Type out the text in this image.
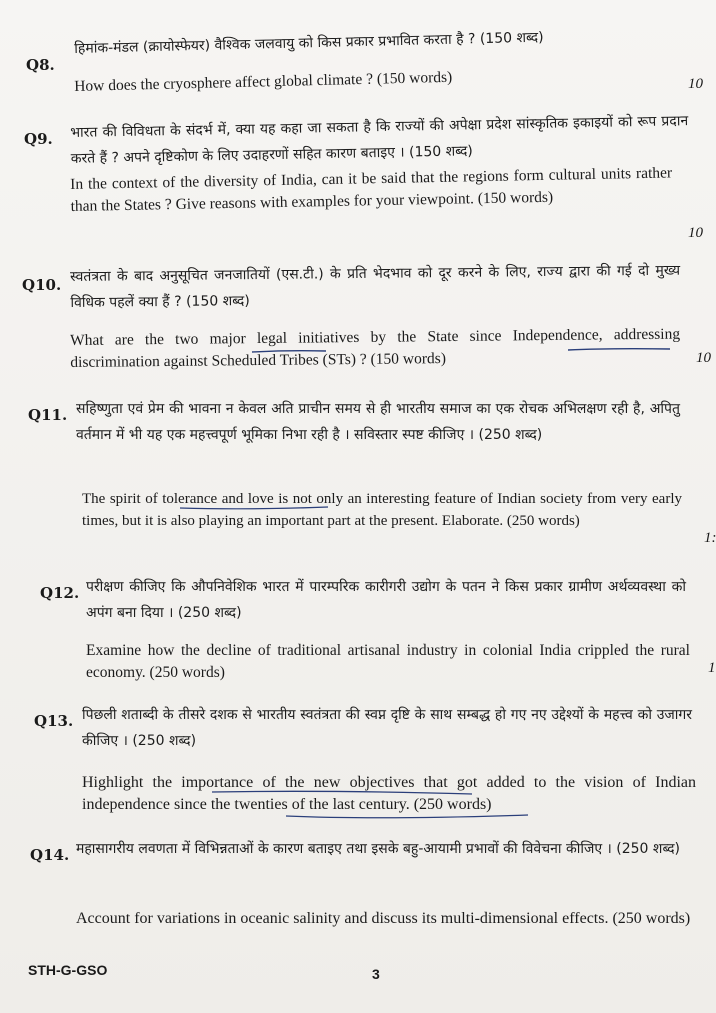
Q8.
हिमांक-मंडल (क्रायोस्फेयर) वैश्विक जलवायु को किस प्रकार प्रभावित करता है ? (150 शब्द)
How does the cryosphere affect global climate ? (150 words)	10
Q9. भारत की विविधता के संदर्भ में, क्या यह कहा जा सकता है कि राज्यों की अपेक्षा प्रदेश सांस्कृतिक इकाइयों को रूप प्रदान करते हैं ? अपने दृष्टिकोण के लिए उदाहरणों सहित कारण बताइए । (150 शब्द)
In the context of the diversity of India, can it be said that the regions form cultural units rather than the States ? Give reasons with examples for your viewpoint. (150 words)
10
Q10.
स्वतंत्रता के बाद अनुसूचित जनजातियों (एस.टी.) के प्रति भेदभाव को दूर करने के लिए, राज्य द्वारा की गई दो मुख्य विधिक पहलें क्या हैं ? (150 शब्द)
What are the two major legal initiatives by the State since Independence, addressing discrimination against Scheduled Tribes (STs) ? (150 words)	10
Q11. सहिष्णुता एवं प्रेम की भावना न केवल अति प्राचीन समय से ही भारतीय समाज का एक रोचक अभिलक्षण रही है, अपितु वर्तमान में भी यह एक महत्त्वपूर्ण भूमिका निभा रही है । सविस्तार स्पष्ट कीजिए । (250 शब्द)
The spirit of tolerance and love is not only an interesting feature of Indian society from very early times, but it is also playing an important part at the present. Elaborate. (250 words)
1:
Q12. परीक्षण कीजिए कि औपनिवेशिक भारत में पारम्परिक कारीगरी उद्योग के पतन ने किस प्रकार ग्रामीण अर्थव्यवस्था को अपंग बना दिया । (250 शब्द)
Examine how the decline of traditional artisanal industry in colonial India crippled the rural economy. (250 words)	1
Q13. पिछली शताब्दी के तीसरे दशक से भारतीय स्वतंत्रता की स्वप्न दृष्टि के साथ सम्बद्ध हो गए नए उद्देश्यों के महत्त्व को उजागर कीजिए । (250 शब्द)
Highlight the importance of the new objectives that got added to the vision of Indian independence since the twenties of the last century. (250 words)
Q14. महासागरीय लवणता में विभिन्नताओं के कारण बताइए तथा इसके बहु-आयामी प्रभावों की विवेचना कीजिए । (250 शब्द)
Account for variations in oceanic salinity and discuss its multi-dimensional effects. (250 words)
STH-G-GSO	3
